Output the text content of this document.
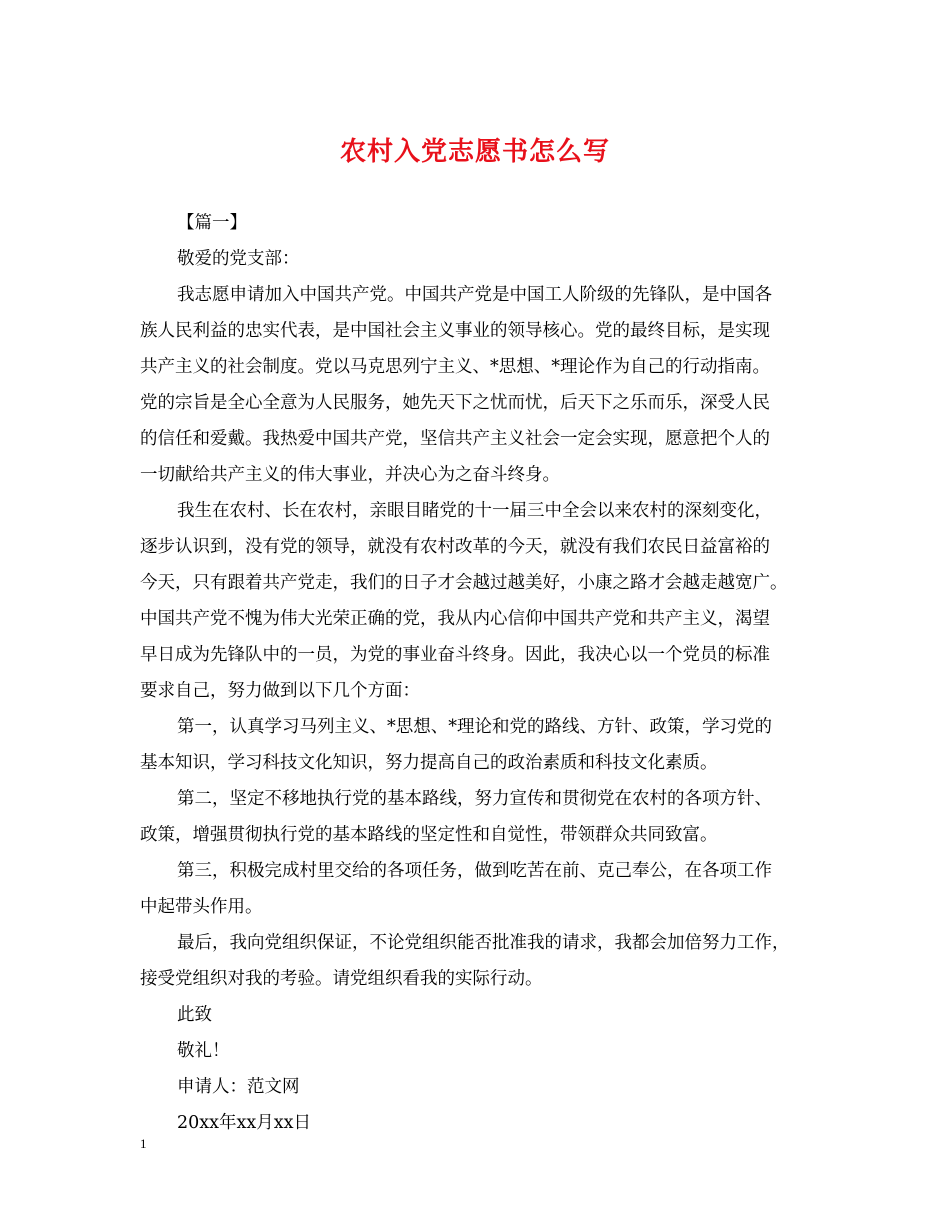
农村入党志愿书怎么写
【篇一】
敬爱的党支部：
我志愿申请加入中国共产党。中国共产党是中国工人阶级的先锋队，是中国各
族人民利益的忠实代表，是中国社会主义事业的领导核心。党的最终目标，是实现
共产主义的社会制度。党以马克思列宁主义、*思想、*理论作为自己的行动指南。
党的宗旨是全心全意为人民服务，她先天下之忧而忧，后天下之乐而乐，深受人民
的信任和爱戴。我热爱中国共产党，坚信共产主义社会一定会实现，愿意把个人的
一切献给共产主义的伟大事业，并决心为之奋斗终身。
我生在农村、长在农村，亲眼目睹党的十一届三中全会以来农村的深刻变化，
逐步认识到，没有党的领导，就没有农村改革的今天，就没有我们农民日益富裕的
今天，只有跟着共产党走，我们的日子才会越过越美好，小康之路才会越走越宽广。
中国共产党不愧为伟大光荣正确的党，我从内心信仰中国共产党和共产主义，渴望
早日成为先锋队中的一员，为党的事业奋斗终身。因此，我决心以一个党员的标准
要求自己，努力做到以下几个方面：
第一，认真学习马列主义、*思想、*理论和党的路线、方针、政策，学习党的
基本知识，学习科技文化知识，努力提高自己的政治素质和科技文化素质。
第二，坚定不移地执行党的基本路线，努力宣传和贯彻党在农村的各项方针、
政策，增强贯彻执行党的基本路线的坚定性和自觉性，带领群众共同致富。
第三，积极完成村里交给的各项任务，做到吃苦在前、克己奉公，在各项工作
中起带头作用。
最后，我向党组织保证，不论党组织能否批准我的请求，我都会加倍努力工作，
接受党组织对我的考验。请党组织看我的实际行动。
此致
敬礼！
申请人：范文网
20xx年xx月xx日
1
